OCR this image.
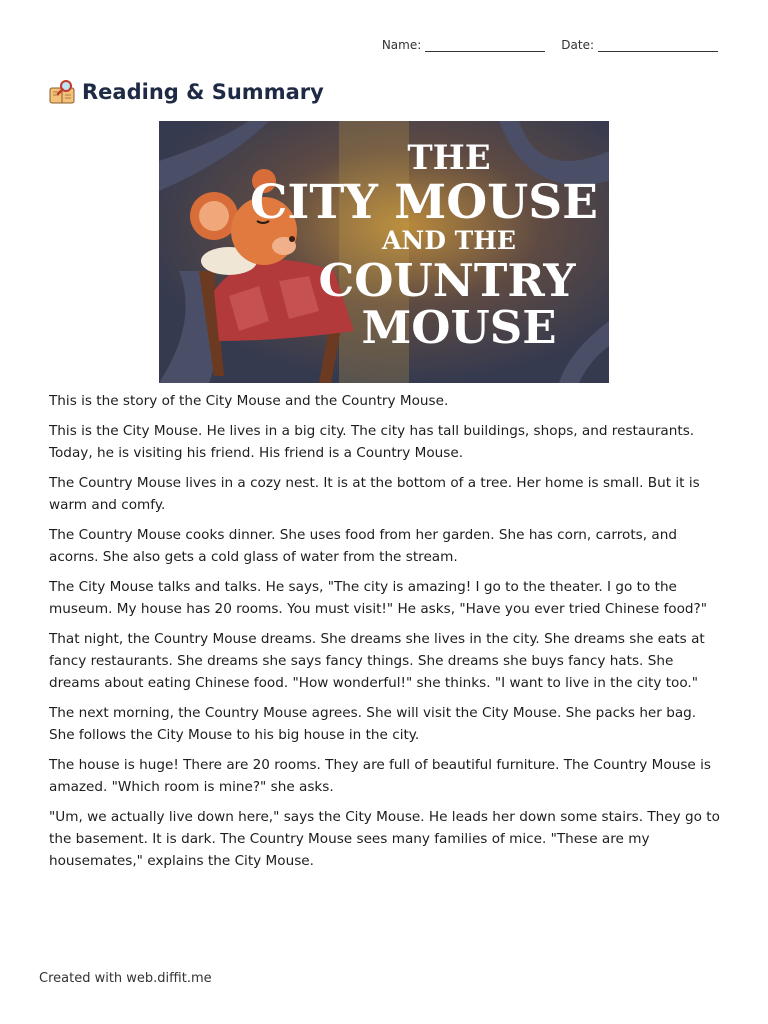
Name:	Date:
Reading & Summary
THE
CITY MOUSE
AND THE
COUNTRY
MOUSE

This is the story of the City Mouse and the Country Mouse.

This is the City Mouse. He lives in a big city. The city has tall buildings, shops, and restaurants. Today, he is visiting his friend. His friend is a Country Mouse.

The Country Mouse lives in a cozy nest. It is at the bottom of a tree. Her home is small. But it is warm and comfy.

The Country Mouse cooks dinner. She uses food from her garden. She has corn, carrots, and acorns. She also gets a cold glass of water from the stream.

The City Mouse talks and talks. He says, "The city is amazing! I go to the theater. I go to the museum. My house has 20 rooms. You must visit!" He asks, "Have you ever tried Chinese food?"

That night, the Country Mouse dreams. She dreams she lives in the city. She dreams she eats at fancy restaurants. She dreams she says fancy things. She dreams she buys fancy hats. She dreams about eating Chinese food. "How wonderful!" she thinks. "I want to live in the city too."

The next morning, the Country Mouse agrees. She will visit the City Mouse. She packs her bag. She follows the City Mouse to his big house in the city.

The house is huge! There are 20 rooms. They are full of beautiful furniture. The Country Mouse is amazed. "Which room is mine?" she asks.

"Um, we actually live down here," says the City Mouse. He leads her down some stairs. They go to the basement. It is dark. The Country Mouse sees many families of mice. "These are my housemates," explains the City Mouse.

Created with web.diffit.me
